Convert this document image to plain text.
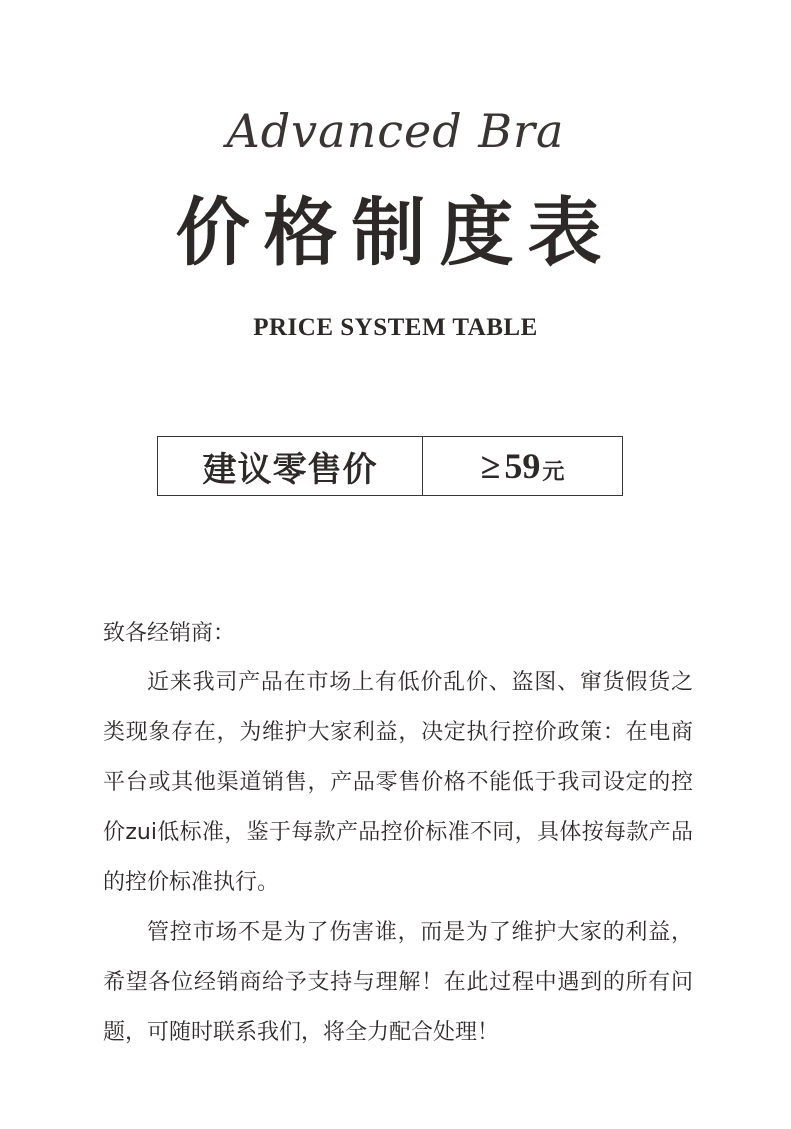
Advanced Bra
价格制度表
PRICE SYSTEM TABLE
建议零售价	≥ 59 元

致各经销商：

近来我司产品在市场上有低价乱价、盗图、窜货假货之类现象存在，为维护大家利益，决定执行控价政策：在电商平台或其他渠道销售，产品零售价格不能低于我司设定的控价zui低标准，鉴于每款产品控价标准不同，具体按每款产品的控价标准执行。

管控市场不是为了伤害谁，而是为了维护大家的利益，希望各位经销商给予支持与理解！在此过程中遇到的所有问题，可随时联系我们，将全力配合处理！
